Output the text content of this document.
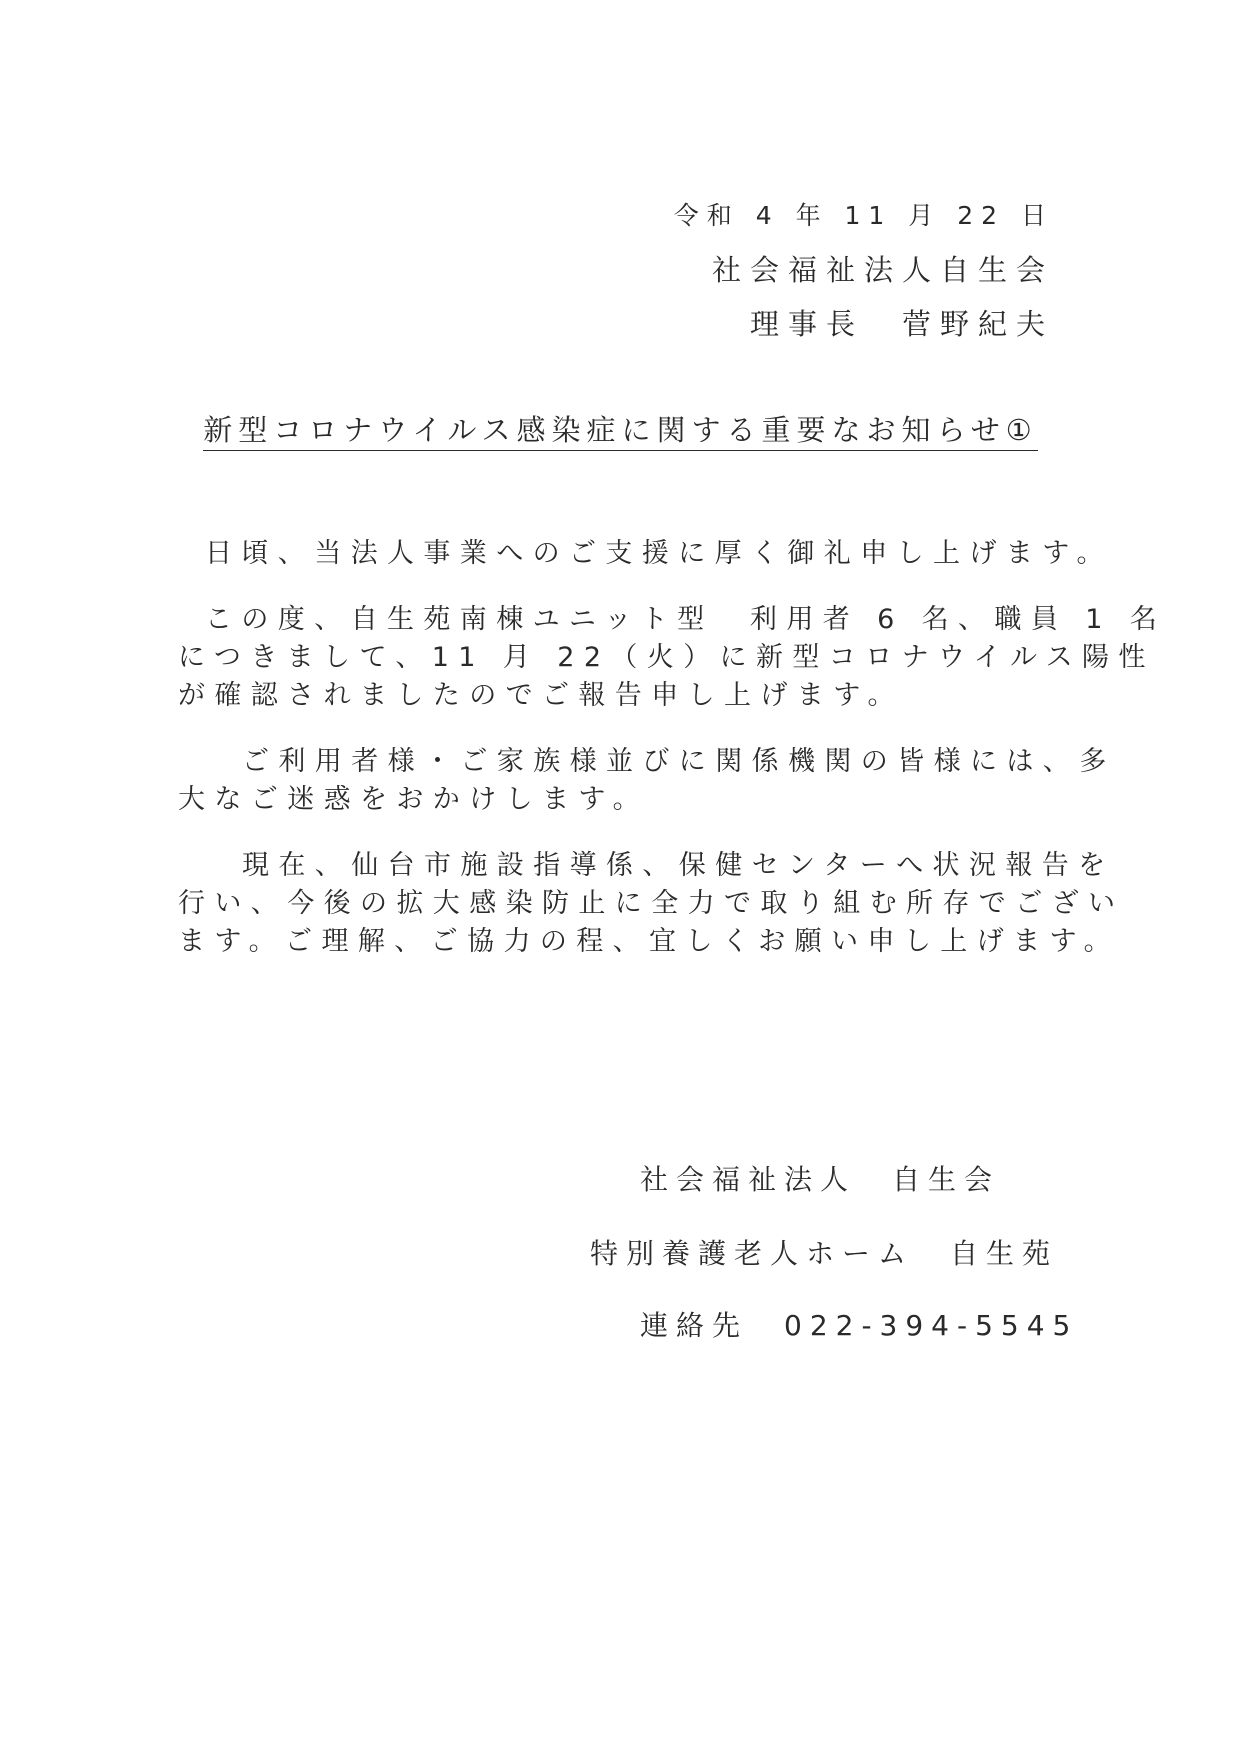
令和 4 年 11 月 22 日
社会福祉法人自生会
理事長　菅野紀夫
新型コロナウイルス感染症に関する重要なお知らせ①
日頃、当法人事業へのご支援に厚く御礼申し上げます。
この度、自生苑南棟ユニット型　利用者 6 名、職員 1 名
につきまして、11 月 22（火）に新型コロナウイルス陽性
が確認されましたのでご報告申し上げます。
ご利用者様・ご家族様並びに関係機関の皆様には、多
大なご迷惑をおかけします。
現在、仙台市施設指導係、保健センターへ状況報告を
行い、今後の拡大感染防止に全力で取り組む所存でござい
ます。ご理解、ご協力の程、宜しくお願い申し上げます。
社会福祉法人　自生会
特別養護老人ホーム　自生苑
連絡先　022-394-5545
